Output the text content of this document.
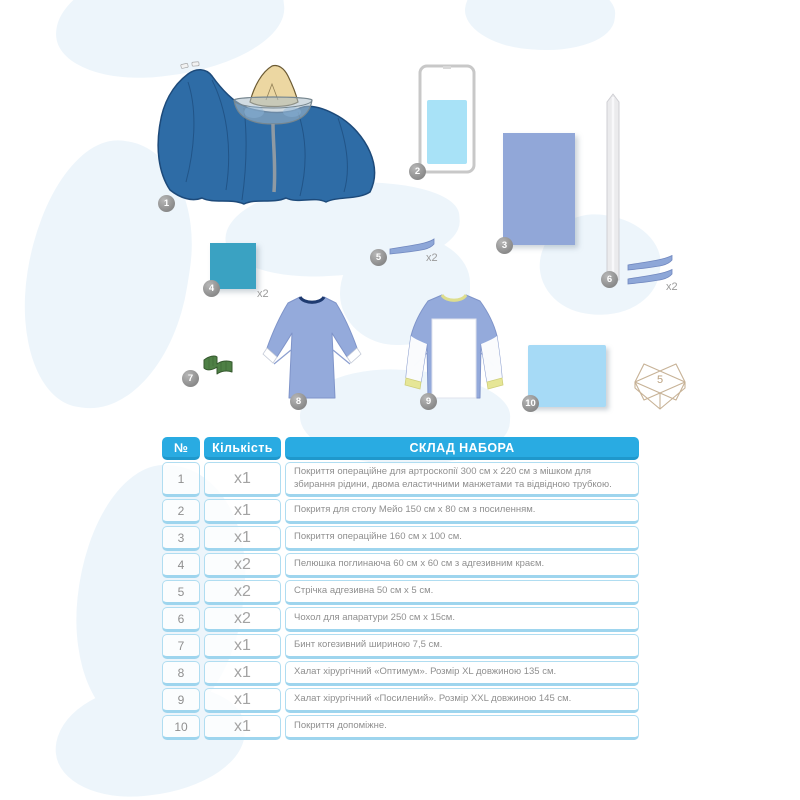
1
2
3
4	x2
5	x2
6
x2
7
8	9	10
5
№	Кількість	СКЛАД НАБОРА
1	x1	Покриття операційне для артроскопії 300 см х 220 см з мішком для збирання рідини, двома еластичними манжетами та відвідною трубкою.
2	x1	Покритя для столу Мейо 150 см х 80 см з посиленням.
3	x1	Покриття операційне 160 см х 100 см.
4	x2	Пелюшка поглинаюча 60 см х 60 см з адгезивним краєм.
5	x2	Стрічка адгезивна 50 см х 5 см.
6	x2	Чохол для апаратури 250 см х 15см.
7	x1	Бинт когезивний шириною 7,5 см.
8	x1	Халат хірургічний «Оптимум». Розмір XL довжиною 135 см.
9	x1	Халат хірургічний «Посилений». Розмір XXL довжиною 145 см.
10	x1	Покриття допоміжне.
